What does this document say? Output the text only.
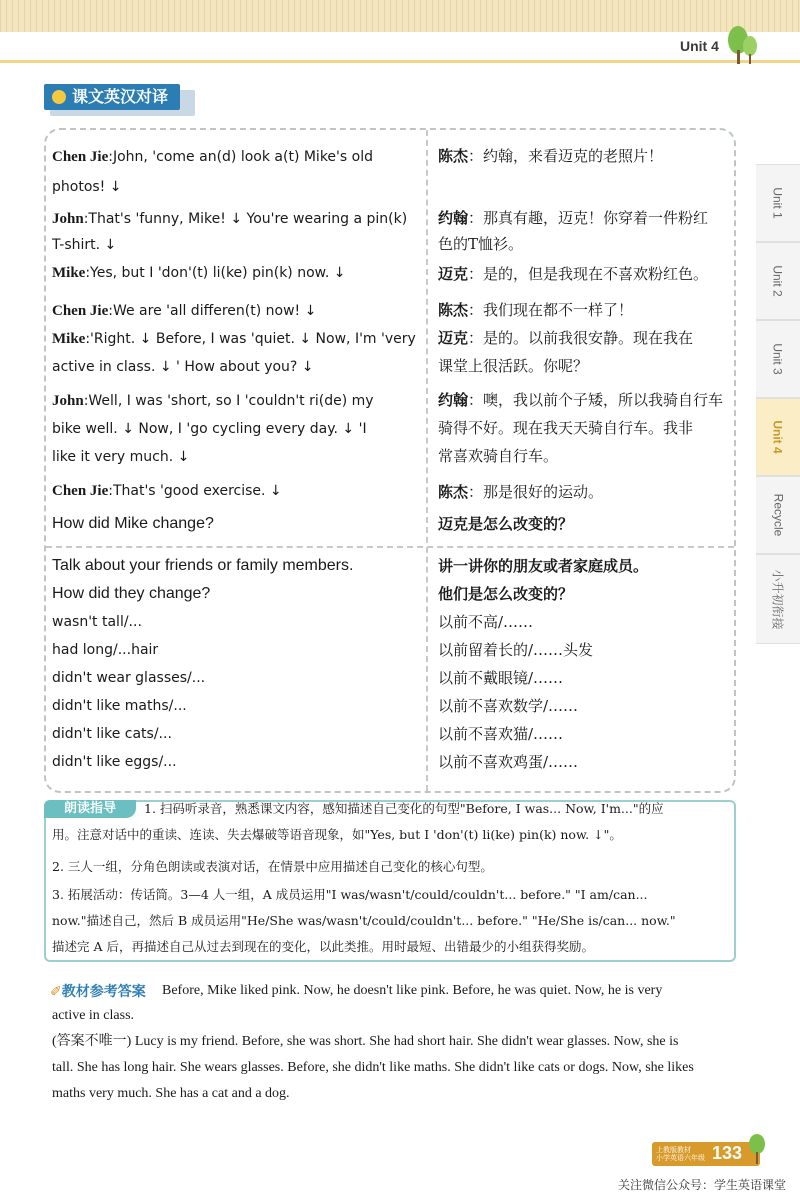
Unit 4
课文英汉对译
Chen Jie:John, 'come an(d) look a(t) Mike's old
photos! ↓
John:That's 'funny, Mike! ↓ You're wearing a pin(k)
T-shirt. ↓
Mike:Yes, but I 'don'(t) li(ke) pin(k) now. ↓
Chen Jie:We are 'all differen(t) now! ↓
Mike:'Right. ↓ Before, I was 'quiet. ↓ Now, I'm 'very
active in class. ↓ ' How about you? ↓
John:Well, I was 'short, so I 'couldn't ri(de) my
bike well. ↓ Now, I 'go cycling every day. ↓ 'I
like it very much. ↓
Chen Jie:That's 'good exercise. ↓
How did Mike change?
陈杰：约翰，来看迈克的老照片！
约翰：那真有趣，迈克！你穿着一件粉红
色的T恤衫。
迈克：是的，但是我现在不喜欢粉红色。
陈杰：我们现在都不一样了！
迈克：是的。以前我很安静。现在我在
课堂上很活跃。你呢？
约翰：噢，我以前个子矮，所以我骑自行车
骑得不好。现在我天天骑自行车。我非
常喜欢骑自行车。
陈杰：那是很好的运动。
迈克是怎么改变的？
Talk about your friends or family members.
How did they change?
wasn't tall/...
had long/...hair
didn't wear glasses/...
didn't like maths/...
didn't like cats/...
didn't like eggs/...
讲一讲你的朋友或者家庭成员。
他们是怎么改变的？
以前不高/……
以前留着长的/……头发
以前不戴眼镜/……
以前不喜欢数学/……
以前不喜欢猫/……
以前不喜欢鸡蛋/……
Unit 1
Unit 2
Unit 3
Unit 4
Recycle
小升初衔接
朗读指导	1. 扫码听录音，熟悉课文内容，感知描述自己变化的句型"Before, I was... Now, I'm..."的应
用。注意对话中的重读、连读、失去爆破等语音现象，如"Yes, but I 'don'(t) li(ke) pin(k) now. ↓"。
2. 三人一组，分角色朗读或表演对话，在情景中应用描述自己变化的核心句型。
3. 拓展活动：传话筒。3—4 人一组，A 成员运用"I was/wasn't/could/couldn't... before." "I am/can...
now."描述自己，然后 B 成员运用"He/She was/wasn't/could/couldn't... before." "He/She is/can... now."
描述完 A 后，再描述自己从过去到现在的变化，以此类推。用时最短、出错最少的小组获得奖励。
✐教材参考答案 Before, Mike liked pink. Now, he doesn't like pink. Before, he was quiet. Now, he is very
active in class.
(答案不唯一) Lucy is my friend. Before, she was short. She had short hair. She didn't wear glasses. Now, she is
tall. She has long hair. She wears glasses. Before, she didn't like maths. She didn't like cats or dogs. Now, she likes
maths very much. She has a cat and a dog.
上教版教材
小学英语六年级 133
关注微信公众号：学生英语课堂
